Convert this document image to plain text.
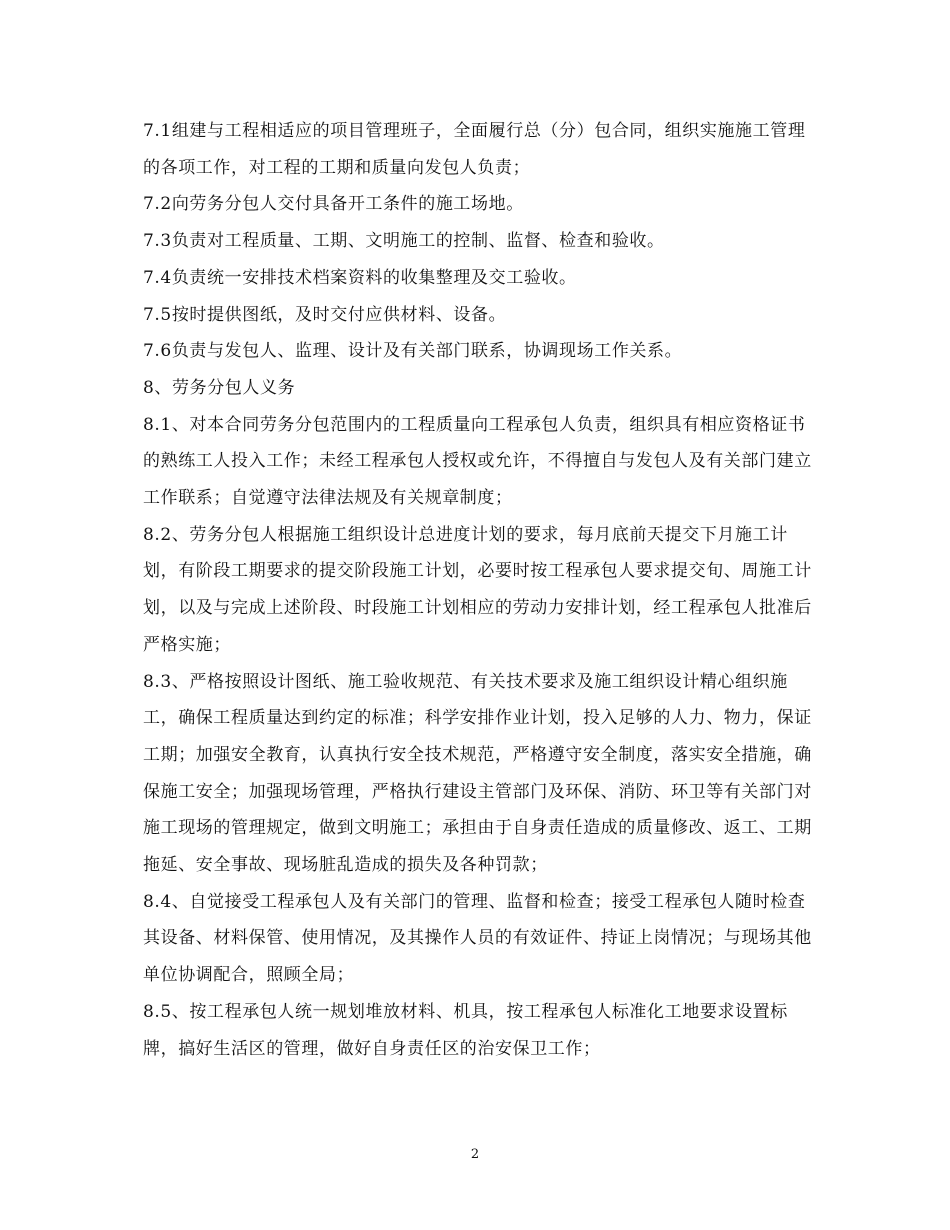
7.1组建与工程相适应的项目管理班子，全面履行总（分）包合同，组织实施施工管理的各项工作，对工程的工期和质量向发包人负责；

7.2向劳务分包人交付具备开工条件的施工场地。

7.3负责对工程质量、工期、文明施工的控制、监督、检查和验收。

7.4负责统一安排技术档案资料的收集整理及交工验收。

7.5按时提供图纸，及时交付应供材料、设备。

7.6负责与发包人、监理、设计及有关部门联系，协调现场工作关系。

8、劳务分包人义务

8.1、对本合同劳务分包范围内的工程质量向工程承包人负责，组织具有相应资格证书的熟练工人投入工作；未经工程承包人授权或允许，不得擅自与发包人及有关部门建立工作联系；自觉遵守法律法规及有关规章制度；

8.2、劳务分包人根据施工组织设计总进度计划的要求，每月底前天提交下月施工计划，有阶段工期要求的提交阶段施工计划，必要时按工程承包人要求提交旬、周施工计划，以及与完成上述阶段、时段施工计划相应的劳动力安排计划，经工程承包人批准后严格实施；

8.3、严格按照设计图纸、施工验收规范、有关技术要求及施工组织设计精心组织施工，确保工程质量达到约定的标准；科学安排作业计划，投入足够的人力、物力，保证工期；加强安全教育，认真执行安全技术规范，严格遵守安全制度，落实安全措施，确保施工安全；加强现场管理，严格执行建设主管部门及环保、消防、环卫等有关部门对施工现场的管理规定，做到文明施工；承担由于自身责任造成的质量修改、返工、工期拖延、安全事故、现场脏乱造成的损失及各种罚款；

8.4、自觉接受工程承包人及有关部门的管理、监督和检查；接受工程承包人随时检查其设备、材料保管、使用情况，及其操作人员的有效证件、持证上岗情况；与现场其他单位协调配合，照顾全局；

8.5、按工程承包人统一规划堆放材料、机具，按工程承包人标准化工地要求设置标牌，搞好生活区的管理，做好自身责任区的治安保卫工作；

2
